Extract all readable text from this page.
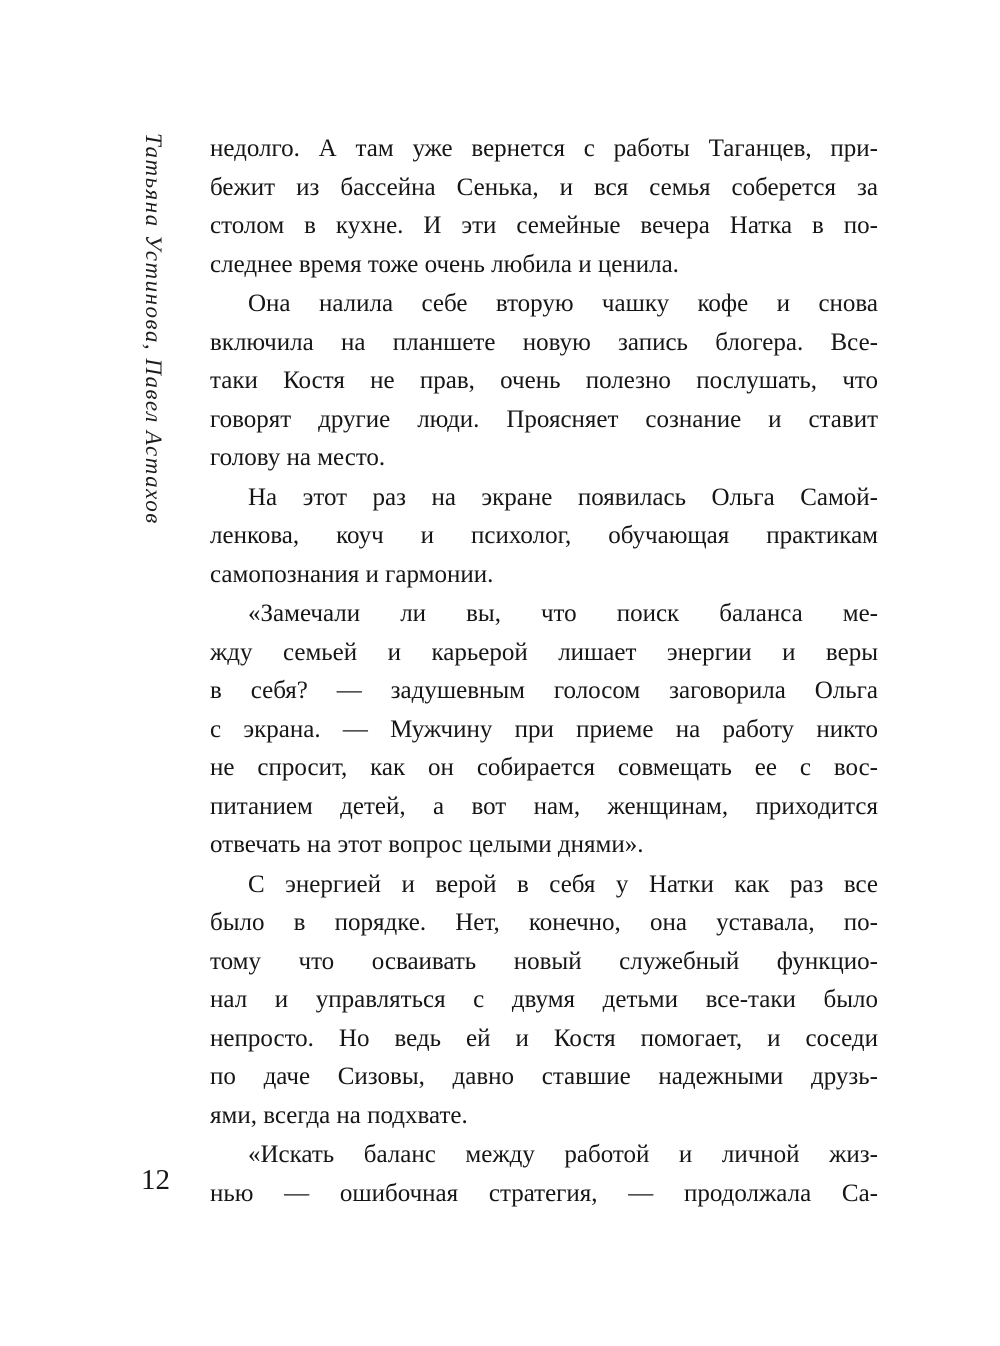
Татьяна Устинова, Павел Астахов недолго. А там уже вернется с работы Таганцев, при-
бежит из бассейна Сенька, и вся семья соберется за
столом в кухне. И эти семейные вечера Натка в по-
следнее время тоже очень любила и ценила.
Она налила себе вторую чашку кофе и снова
включила на планшете новую запись блогера. Все-
таки Костя не прав, очень полезно послушать, что
говорят другие люди. Проясняет сознание и ставит
голову на место.
На этот раз на экране появилась Ольга Самой-
ленкова, коуч и психолог, обучающая практикам
самопознания и гармонии.
«Замечали ли вы, что поиск баланса ме-
жду семьей и карьерой лишает энергии и веры
в себя? — задушевным голосом заговорила Ольга
с экрана. — Мужчину при приеме на работу никто
не спросит, как он собирается совмещать ее с вос-
питанием детей, а вот нам, женщинам, приходится
отвечать на этот вопрос целыми днями».
С энергией и верой в себя у Натки как раз все
было в порядке. Нет, конечно, она уставала, по-
тому что осваивать новый служебный функцио-
нал и управляться с двумя детьми все-таки было
непросто. Но ведь ей и Костя помогает, и соседи
по даче Сизовы, давно ставшие надежными друзь-
ями, всегда на подхвате.
«Искать баланс между работой и личной жиз-
нью — ошибочная стратегия, — продолжала Са-
12
